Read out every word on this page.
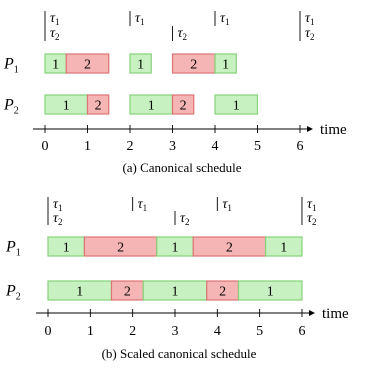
$\tau_1$
$\tau_2$
$\tau_1$
$\tau_2$
$\tau_1$	$\tau_1$
$\tau_2$
$P_1$ 1 2	1	2 1
$P_2$	1 2	1 2	1
0	1	2	3	4	5	6
time
(a) Canonical schedule
$\tau_1$
$\tau_2$
$\tau_1$
$\tau_2$
$\tau_1$	$\tau_1$
$\tau_2$
$P_1$	1	2	1	2	1
$P_2$	1	2	1	2	1
0	1	2	3	4	5	6
time
(b) Scaled canonical schedule
